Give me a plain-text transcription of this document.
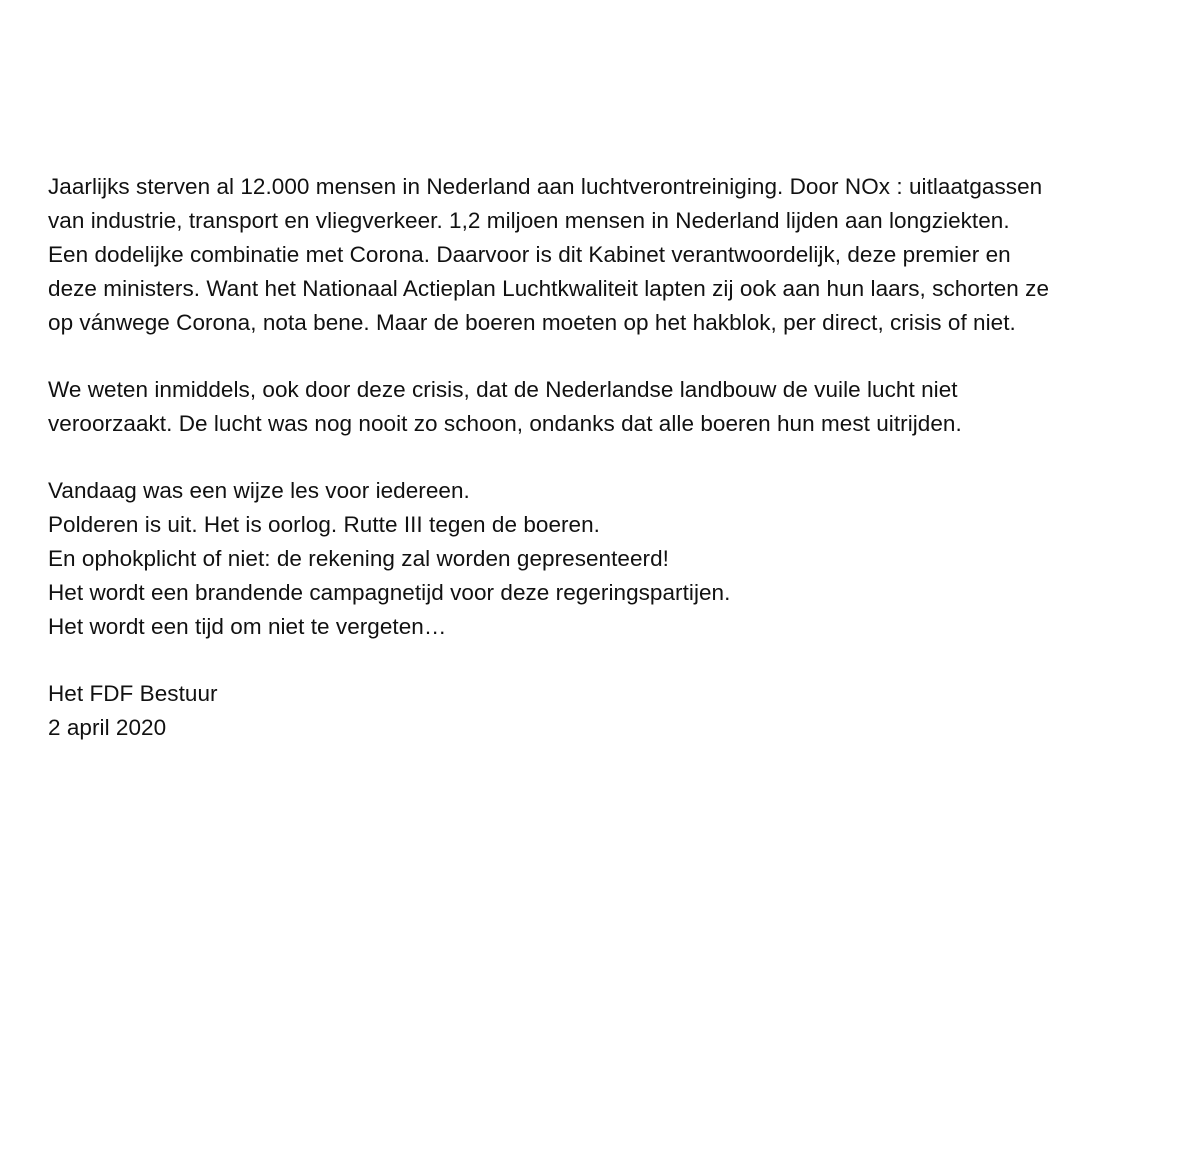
Jaarlijks sterven al 12.000 mensen in Nederland aan luchtverontreiniging. Door NOx : uitlaatgassen
van industrie, transport en vliegverkeer. 1,2 miljoen mensen in Nederland lijden aan longziekten.
Een dodelijke combinatie met Corona. Daarvoor is dit Kabinet verantwoordelijk, deze premier en
deze ministers. Want het Nationaal Actieplan Luchtkwaliteit lapten zij ook aan hun laars, schorten ze
op vánwege Corona, nota bene. Maar de boeren moeten op het hakblok, per direct, crisis of niet.

We weten inmiddels, ook door deze crisis, dat de Nederlandse landbouw de vuile lucht niet
veroorzaakt. De lucht was nog nooit zo schoon, ondanks dat alle boeren hun mest uitrijden.

Vandaag was een wijze les voor iedereen.
Polderen is uit. Het is oorlog. Rutte III tegen de boeren.
En ophokplicht of niet: de rekening zal worden gepresenteerd!
Het wordt een brandende campagnetijd voor deze regeringspartijen.
Het wordt een tijd om niet te vergeten…

Het FDF Bestuur
2 april 2020
